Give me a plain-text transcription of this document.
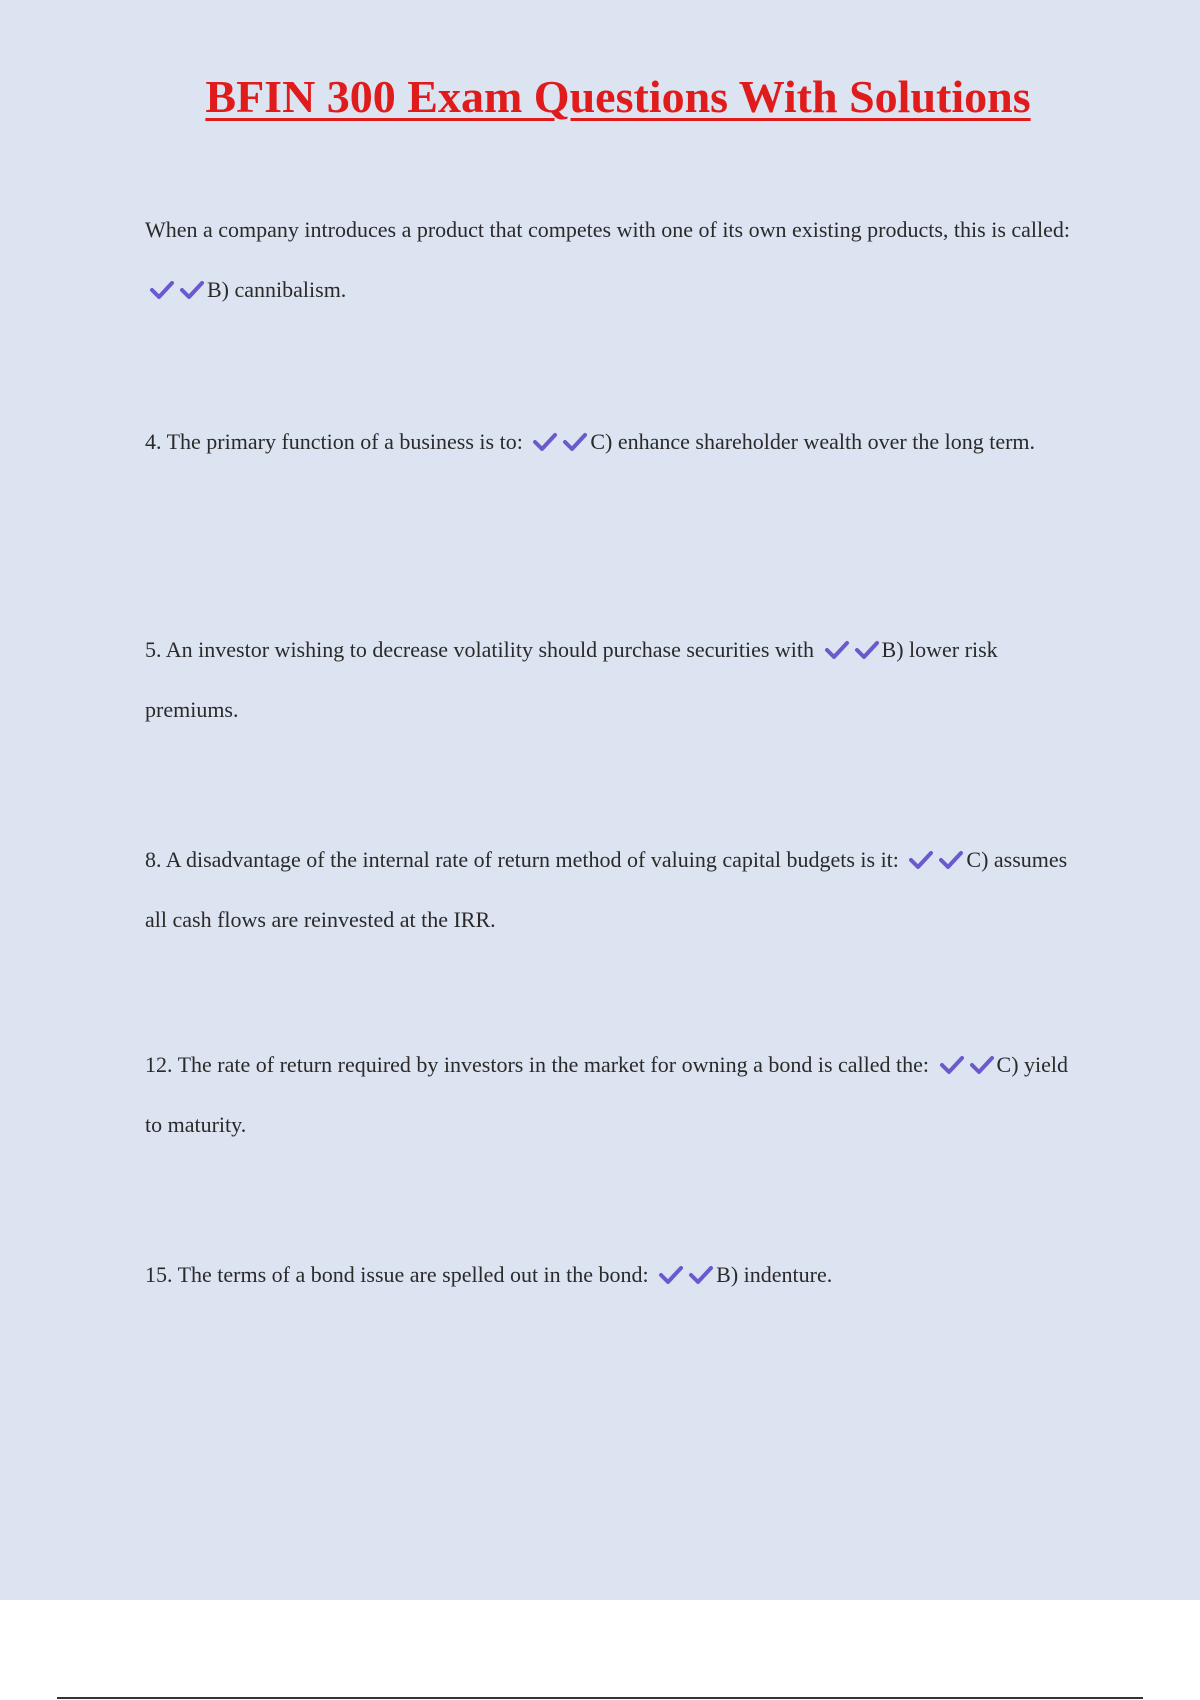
BFIN 300 Exam Questions With Solutions
When a company introduces a product that competes with one of its own existing products, this is called:
B) cannibalism.
4. The primary function of a business is to:	C) enhance shareholder wealth over the long term.
5. An investor wishing to decrease volatility should purchase securities with	B) lower risk premiums.
8. A disadvantage of the internal rate of return method of valuing capital budgets is it:	C) assumes all cash flows are reinvested at the IRR.
12. The rate of return required by investors in the market for owning a bond is called the:	C) yield to maturity.
15. The terms of a bond issue are spelled out in the bond:	B) indenture.
